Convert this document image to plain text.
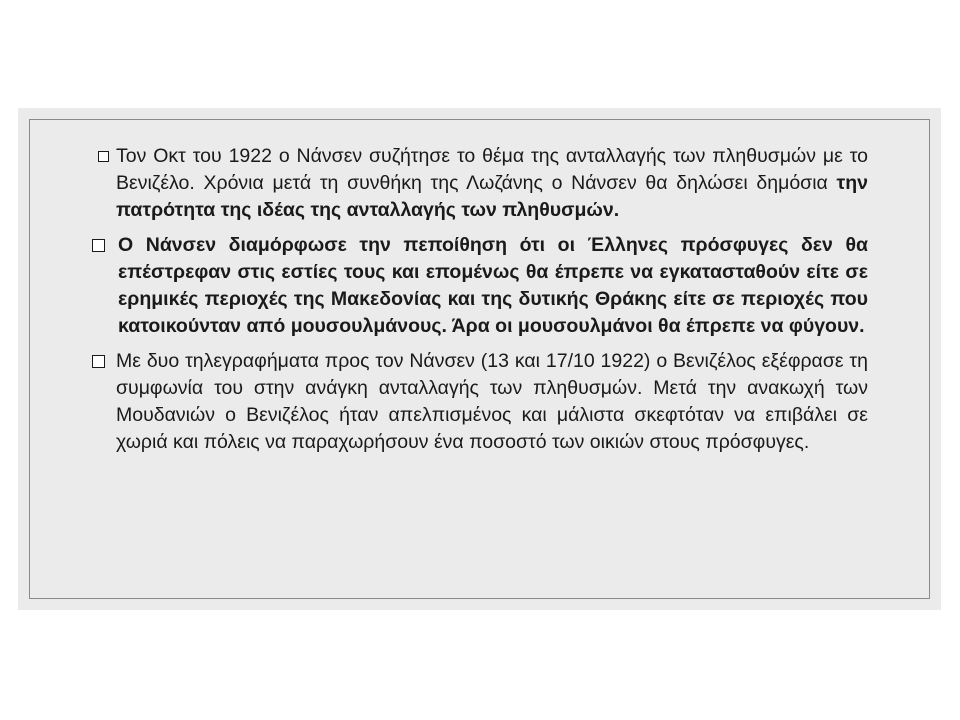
Τον Οκτ του 1922 ο Νάνσεν συζήτησε το θέμα της ανταλλαγής των πληθυσμών με το Βενιζέλο. Χρόνια μετά τη συνθήκη της Λωζάνης ο Νάνσεν θα δηλώσει δημόσια την πατρότητα της ιδέας της ανταλλαγής των πληθυσμών.

Ο Νάνσεν διαμόρφωσε την πεποίθηση ότι οι Έλληνες πρόσφυγες δεν θα επέστρεφαν στις εστίες τους και επομένως θα έπρεπε να εγκατασταθούν είτε σε ερημικές περιοχές της Μακεδονίας και της δυτικής Θράκης είτε σε περιοχές που κατοικούνταν από μουσουλμάνους. Άρα οι μουσουλμάνοι θα έπρεπε να φύγουν.

Με δυο τηλεγραφήματα προς τον Νάνσεν (13 και 17/10 1922) ο Βενιζέλος εξέφρασε τη συμφωνία του στην ανάγκη ανταλλαγής των πληθυσμών. Μετά την ανακωχή των Μουδανιών ο Βενιζέλος ήταν απελπισμένος και μάλιστα σκεφτόταν να επιβάλει σε χωριά και πόλεις να παραχωρήσουν ένα ποσοστό των οικιών στους πρόσφυγες.
